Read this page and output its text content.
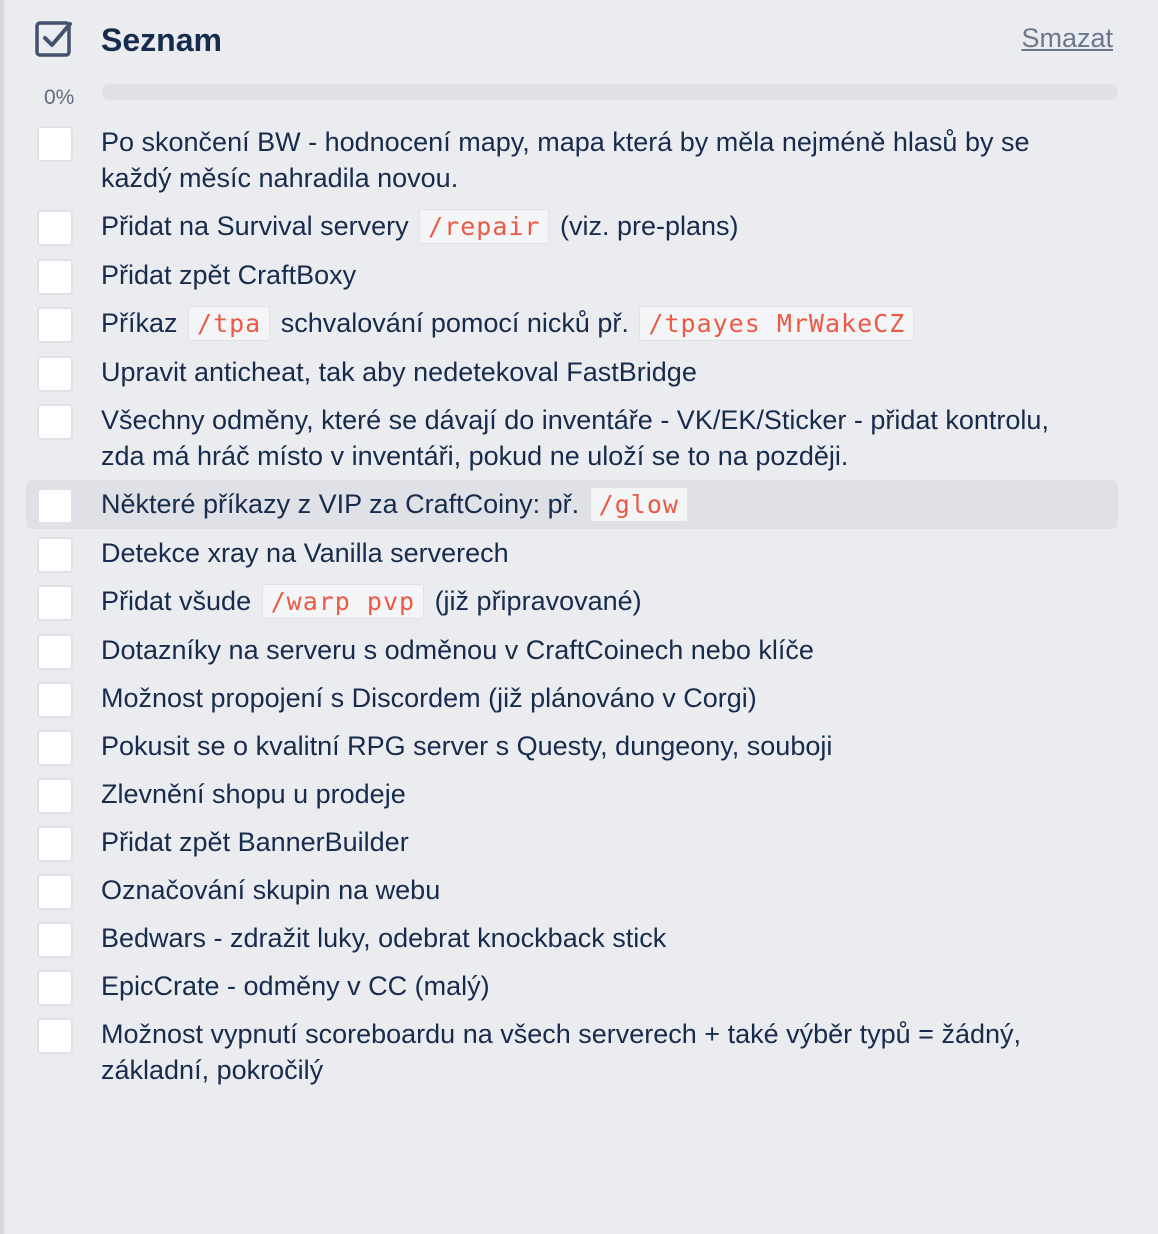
Seznam	Smazat
0%
Po skončení BW - hodnocení mapy, mapa která by měla nejméně hlasů by se každý měsíc nahradila novou.
Přidat na Survival servery /repair (viz. pre-plans)
Přidat zpět CraftBoxy
Příkaz /tpa schvalování pomocí nicků př. /tpayes MrWakeCZ
Upravit anticheat, tak aby nedetekoval FastBridge
Všechny odměny, které se dávají do inventáře - VK/EK/Sticker - přidat kontrolu, zda má hráč místo v inventáři, pokud ne uloží se to na později.
Některé příkazy z VIP za CraftCoiny: př. /glow
Detekce xray na Vanilla serverech
Přidat všude /warp pvp (již připravované)
Dotazníky na serveru s odměnou v CraftCoinech nebo klíče
Možnost propojení s Discordem (již plánováno v Corgi)
Pokusit se o kvalitní RPG server s Questy, dungeony, souboji
Zlevnění shopu u prodeje
Přidat zpět BannerBuilder
Označování skupin na webu
Bedwars - zdražit luky, odebrat knockback stick
EpicCrate - odměny v CC (malý)
Možnost vypnutí scoreboardu na všech serverech + také výběr typů = žádný, základní, pokročilý
